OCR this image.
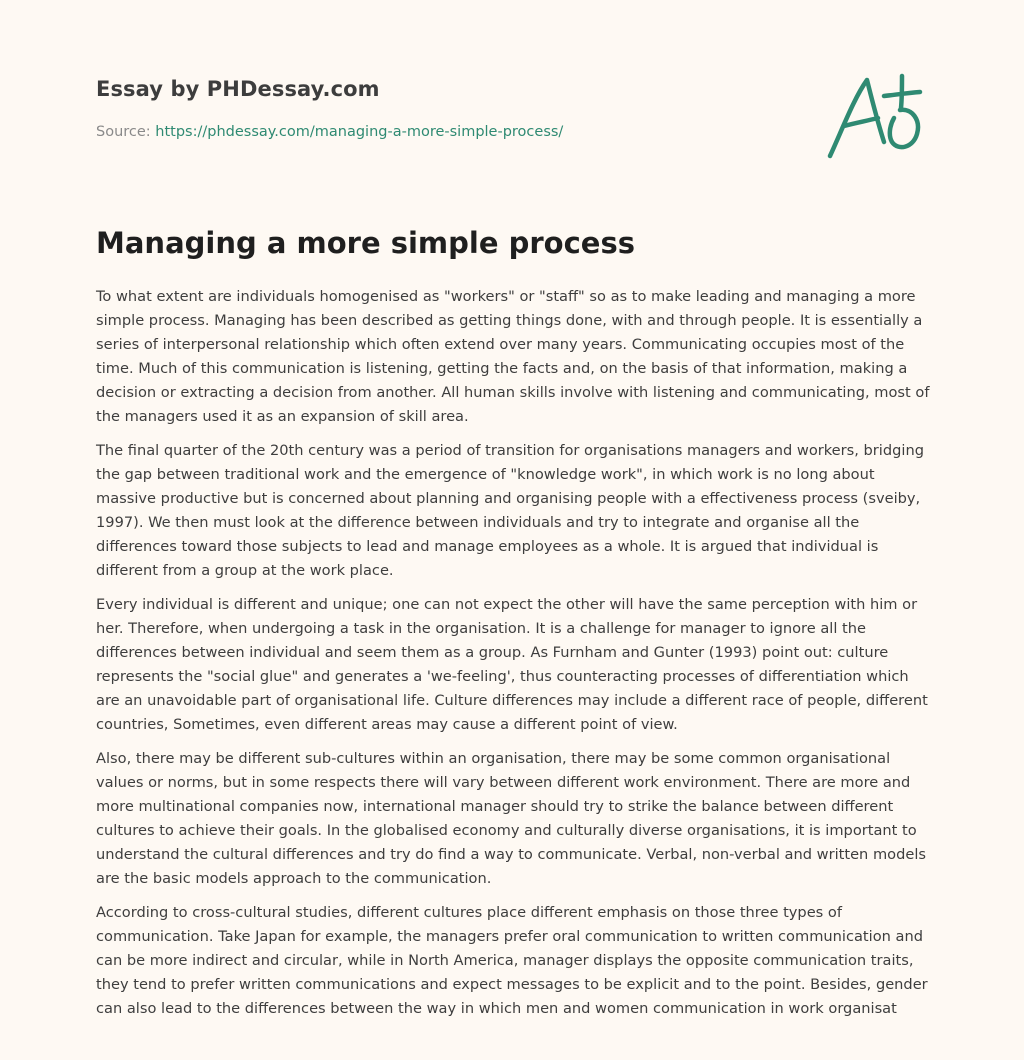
Essay by PHDessay.com
Source: https://phdessay.com/managing-a-more-simple-process/
Managing a more simple process

To what extent are individuals homogenised as "workers" or "staff" so as to make leading and managing a more simple process. Managing has been described as getting things done, with and through people. It is essentially a series of interpersonal relationship which often extend over many years. Communicating occupies most of the time. Much of this communication is listening, getting the facts and, on the basis of that information, making a decision or extracting a decision from another. All human skills involve with listening and communicating, most of the managers used it as an expansion of skill area.

The final quarter of the 20th century was a period of transition for organisations managers and workers, bridging the gap between traditional work and the emergence of "knowledge work", in which work is no long about massive productive but is concerned about planning and organising people with a effectiveness process (sveiby, 1997). We then must look at the difference between individuals and try to integrate and organise all the differences toward those subjects to lead and manage employees as a whole. It is argued that individual is different from a group at the work place.

Every individual is different and unique; one can not expect the other will have the same perception with him or her. Therefore, when undergoing a task in the organisation. It is a challenge for manager to ignore all the differences between individual and seem them as a group. As Furnham and Gunter (1993) point out: culture represents the "social glue" and generates a 'we-feeling', thus counteracting processes of differentiation which are an unavoidable part of organisational life. Culture differences may include a different race of people, different countries, Sometimes, even different areas may cause a different point of view.

Also, there may be different sub-cultures within an organisation, there may be some common organisational values or norms, but in some respects there will vary between different work environment. There are more and more multinational companies now, international manager should try to strike the balance between different cultures to achieve their goals. In the globalised economy and culturally diverse organisations, it is important to understand the cultural differences and try do find a way to communicate. Verbal, non-verbal and written models are the basic models approach to the communication.

According to cross-cultural studies, different cultures place different emphasis on those three types of communication. Take Japan for example, the managers prefer oral communication to written communication and can be more indirect and circular, while in North America, manager displays the opposite communication traits, they tend to prefer written communications and expect messages to be explicit and to the point. Besides, gender can also lead to the differences between the way in which men and women communication in work organisat
